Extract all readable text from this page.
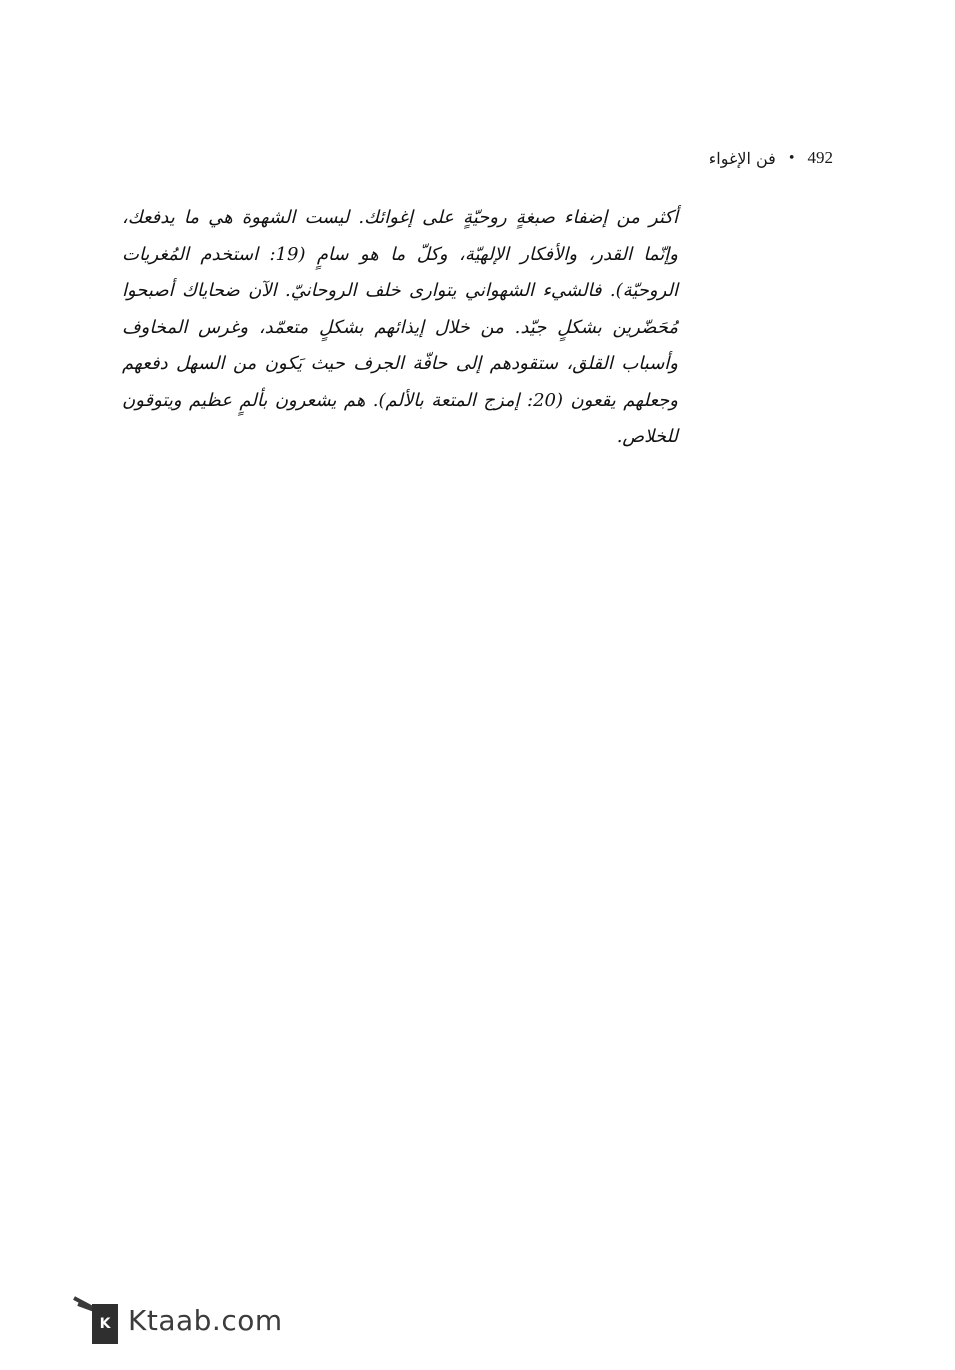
492
•
فن الإغواء

أكثر من إضفاء صبغةٍ روحيّةٍ على إغوائك. ليست الشهوة هي ما يدفعك، وإنّما القدر، والأفكار الإلهيّة، وكلّ ما هو سامٍ (19: استخدم المُغريات الروحيّة). فالشيء الشهواني يتوارى خلف الروحانيّ. الآن ضحاياك أصبحوا مُحَضّرين بشكلٍ جيّد. من خلال إيذائهم بشكلٍ متعمّد، وغرس المخاوف وأسباب القلق، ستقودهم إلى حافّة الجرف حيث يَكون من السهل دفعهم وجعلهم يقعون (20: إمزج المتعة بالألم). هم يشعرون بألمٍ عظيم ويتوقون للخلاص.

K Ktaab.com
